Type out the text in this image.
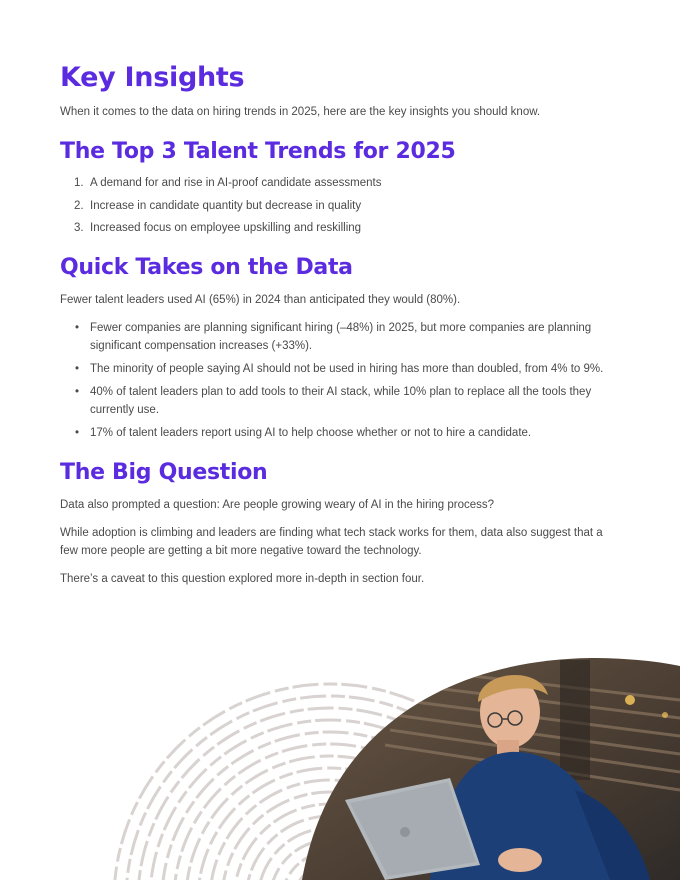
Key Insights

When it comes to the data on hiring trends in 2025, here are the key insights you should know.

The Top 3 Talent Trends for 2025
1. A demand for and rise in AI-proof candidate assessments
2. Increase in candidate quantity but decrease in quality
3. Increased focus on employee upskilling and reskilling
Quick Takes on the Data

Fewer talent leaders used AI (65%) in 2024 than anticipated they would (80%).

• Fewer companies are planning significant hiring (–48%) in 2025, but more companies are planning significant compensation increases (+33%).
• The minority of people saying AI should not be used in hiring has more than doubled, from 4% to 9%.
• 40% of talent leaders plan to add tools to their AI stack, while 10% plan to replace all the tools they currently use.
• 17% of talent leaders report using AI to help choose whether or not to hire a candidate.
The Big Question

Data also prompted a question: Are people growing weary of AI in the hiring process?

While adoption is climbing and leaders are finding what tech stack works for them, data also suggest that a few more people are getting a bit more negative toward the technology.

There’s a caveat to this question explored more in-depth in section four.
